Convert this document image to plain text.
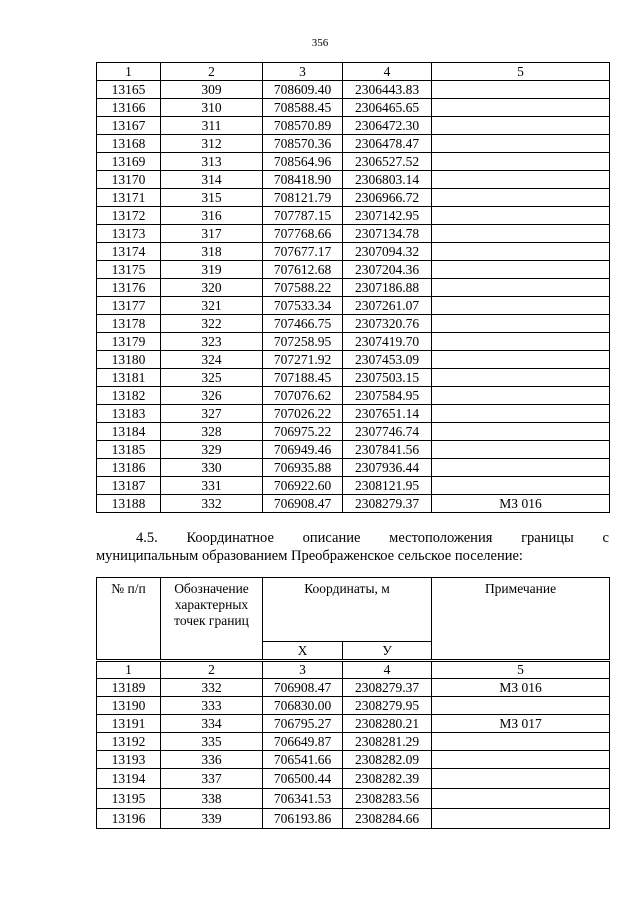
356
1	2	3	4	5
13165	309	708609.40	2306443.83	
13166	310	708588.45	2306465.65	
13167	311	708570.89	2306472.30	
13168	312	708570.36	2306478.47	
13169	313	708564.96	2306527.52	
13170	314	708418.90	2306803.14	
13171	315	708121.79	2306966.72	
13172	316	707787.15	2307142.95	
13173	317	707768.66	2307134.78	
13174	318	707677.17	2307094.32	
13175	319	707612.68	2307204.36	
13176	320	707588.22	2307186.88	
13177	321	707533.34	2307261.07	
13178	322	707466.75	2307320.76	
13179	323	707258.95	2307419.70	
13180	324	707271.92	2307453.09	
13181	325	707188.45	2307503.15	
13182	326	707076.62	2307584.95	
13183	327	707026.22	2307651.14	
13184	328	706975.22	2307746.74	
13185	329	706949.46	2307841.56	
13186	330	706935.88	2307936.44	
13187	331	706922.60	2308121.95	
13188	332	706908.47	2308279.37	МЗ 016
4.5. Координатное описание местоположения границы с
муниципальным образованием Преображенское сельское поселение:
№ п/п	Обозначение характерных точек границ	Координаты, м		Примечание
		Х	У	
1	2	3	4	5
13189	332	706908.47	2308279.37	МЗ 016
13190	333	706830.00	2308279.95	
13191	334	706795.27	2308280.21	МЗ 017
13192	335	706649.87	2308281.29	
13193	336	706541.66	2308282.09	
13194	337	706500.44	2308282.39	
13195	338	706341.53	2308283.56	
13196	339	706193.86	2308284.66	
